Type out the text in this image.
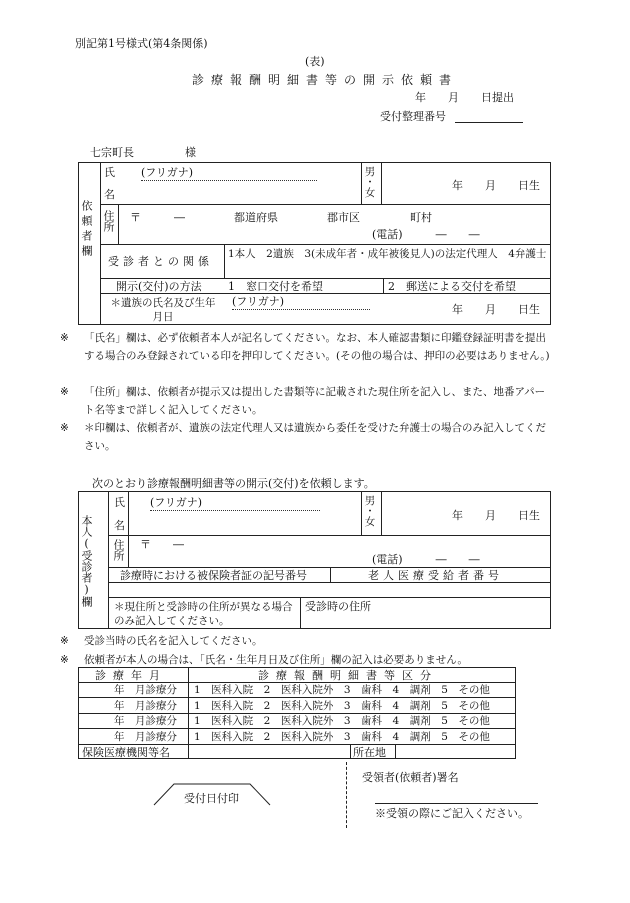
別記第1号様式(第4条関係)
(表)
診療報酬明細書等の開示依頼書
年　　月　　日提出
受付整理番号
七宗町長	様
依頼者欄
氏
名
(フリガナ)	男・女	年　　月　　日生
住所 〒　　　―	都道府県	郡市区	町村
(電話)　　　―　　―
受診者との関係
1本人　2遺族　3(未成年者・成年被後見人)の法定代理人　4弁護士
開示(交付)の方法 1　窓口交付を希望	2　郵送による交付を希望
＊遺族の氏名及び生年月日
(フリガナ)
年　　月　　日生
※ 「氏名」欄は、必ず依頼者本人が記名してください。なお、本人確認書類に印鑑登録証明書を提出する場合のみ登録されている印を押印してください。(その他の場合は、押印の必要はありません。)

※ 「住所」欄は、依頼者が提示又は提出した書類等に記載された現住所を記入し、また、地番アパート名等まで詳しく記入してください。

※ ＊印欄は、依頼者が、遺族の法定代理人又は遺族から委任を受けた弁護士の場合のみ記入してください。

次のとおり診療報酬明細書等の開示(交付)を依頼します。
本人(受診者)欄
氏
名
(フリガナ)	男・女	年　　月　　日生
住所 〒　　―
(電話)　　　―　　―
診療時における被保険者証の記号番号	老人医療受給者番号
＊現住所と受診時の住所が異なる場合のみ記入してください。
受診時の住所
※ 受診当時の氏名を記入してください。

※ 依頼者が本人の場合は、「氏名・生年月日及び住所」欄の記入は必要ありません。

診療年月	診療報酬明細書等区分
年　月診療分 1　医科入院　2　医科入院外　3　歯科　4　調剤　5　その他
年　月診療分 1　医科入院　2　医科入院外　3　歯科　4　調剤　5　その他
年　月診療分 1　医科入院　2　医科入院外　3　歯科　4　調剤　5　その他
年　月診療分 1　医科入院　2　医科入院外　3　歯科　4　調剤　5　その他
保険医療機関等名	所在地
受付日付印
受領者(依頼者)署名
※受領の際にご記入ください。
